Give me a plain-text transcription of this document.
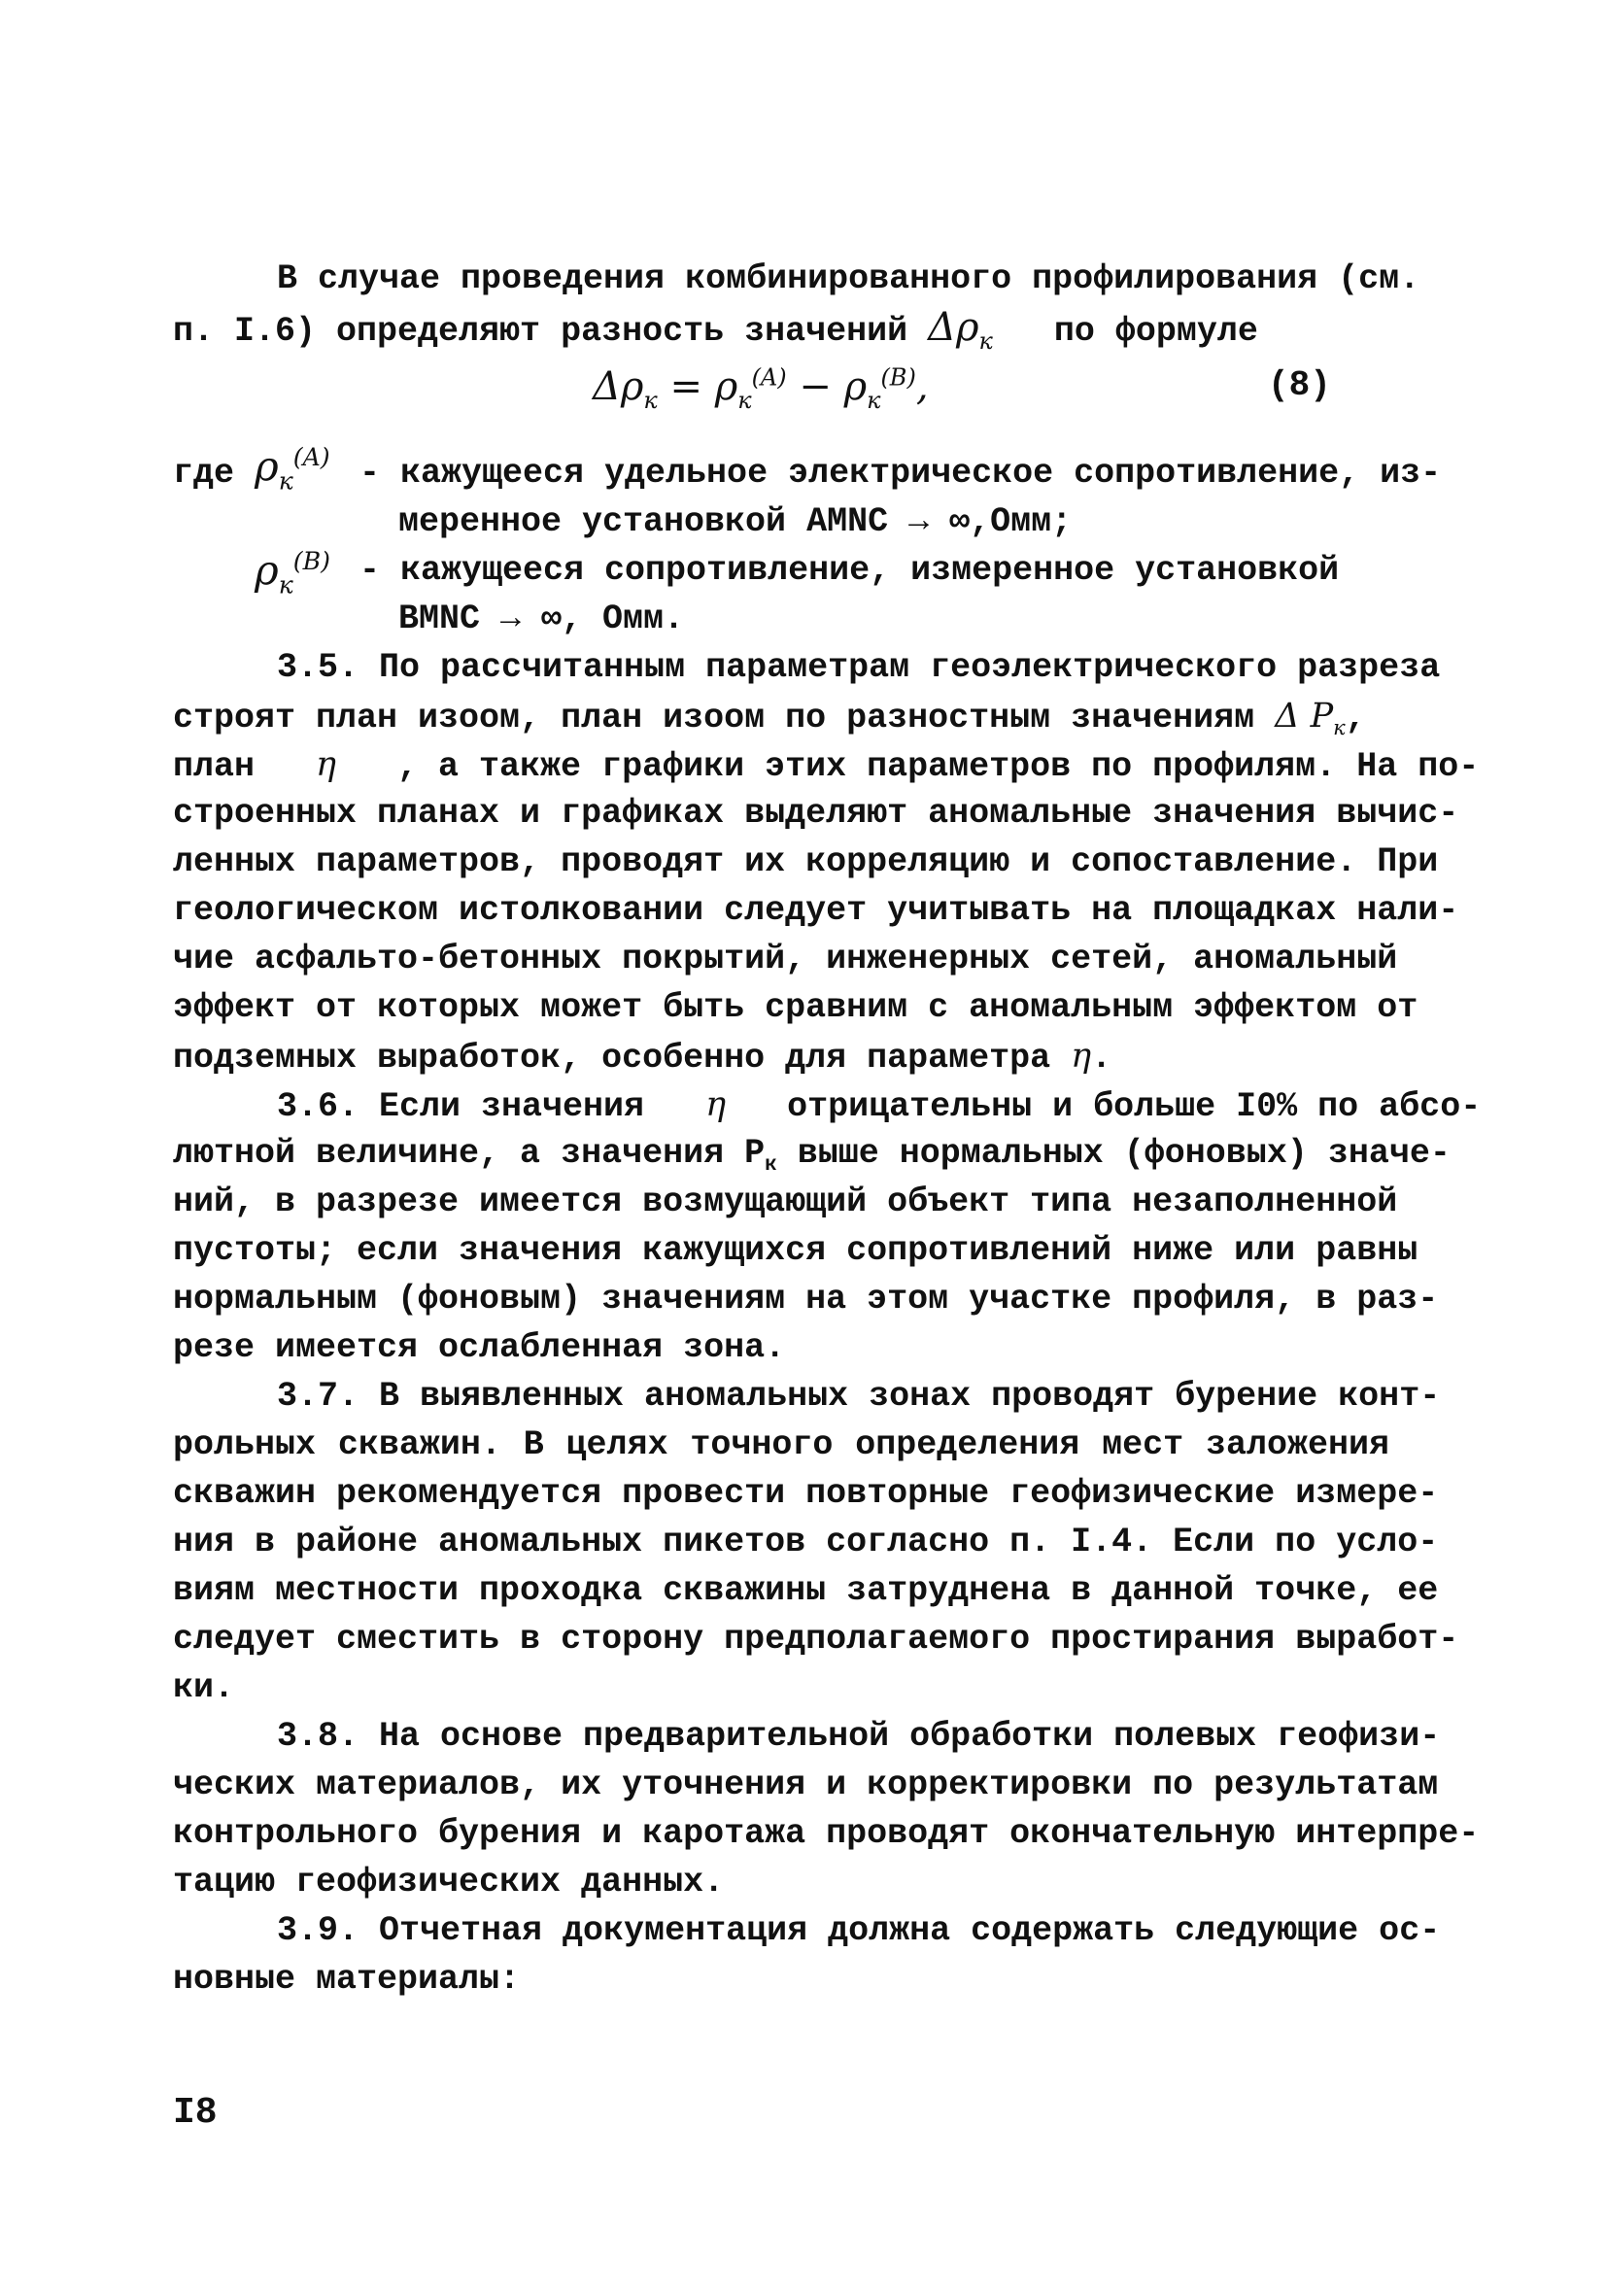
В случае проведения комбинированного профилирования (см.
п. I.6) определяют разность значений $\Delta\rho_к$ по формуле
$\Delta\rho_к = \rho_к^{(A)} - \rho_к^{(B)}$,	(8)
где $\rho_к^{(A)}$ - кажущееся удельное электрическое сопротивление, из-
меренное установкой AMNC → ∞,Омм;
$\rho_к^{(B)}$ - кажущееся сопротивление, измеренное установкой
BMNC → ∞, Омм.
3.5. По рассчитанным параметрам геоэлектрического разреза
строят план изоом, план изоом по разностным значениям Δ $P_к$,
план η , а также графики этих параметров по профилям. На по-
строенных планах и графиках выделяют аномальные значения вычис-
ленных параметров, проводят их корреляцию и сопоставление. При
геологическом истолковании следует учитывать на площадках нали-
чие асфальто-бетонных покрытий, инженерных сетей, аномальный
эффект от которых может быть сравним с аномальным эффектом от
подземных выработок, особенно для параметра η.
3.6. Если значения η отрицательны и больше I0% по абсо-
лютной величине, а значения $P_к$ выше нормальных (фоновых) значе-
ний, в разрезе имеется возмущающий объект типа незаполненной
пустоты; если значения кажущихся сопротивлений ниже или равны
нормальным (фоновым) значениям на этом участке профиля, в раз-
резе имеется ослабленная зона.
3.7. В выявленных аномальных зонах проводят бурение конт-
рольных скважин. В целях точного определения мест заложения
скважин рекомендуется провести повторные геофизические измере-
ния в районе аномальных пикетов согласно п. I.4. Если по усло-
виям местности проходка скважины затруднена в данной точке, ее
следует сместить в сторону предполагаемого простирания выработ-
ки.
3.8. На основе предварительной обработки полевых геофизи-
ческих материалов, их уточнения и корректировки по результатам
контрольного бурения и каротажа проводят окончательную интерпре-
тацию геофизических данных.
3.9. Отчетная документация должна содержать следующие ос-
новные материалы:
I8
